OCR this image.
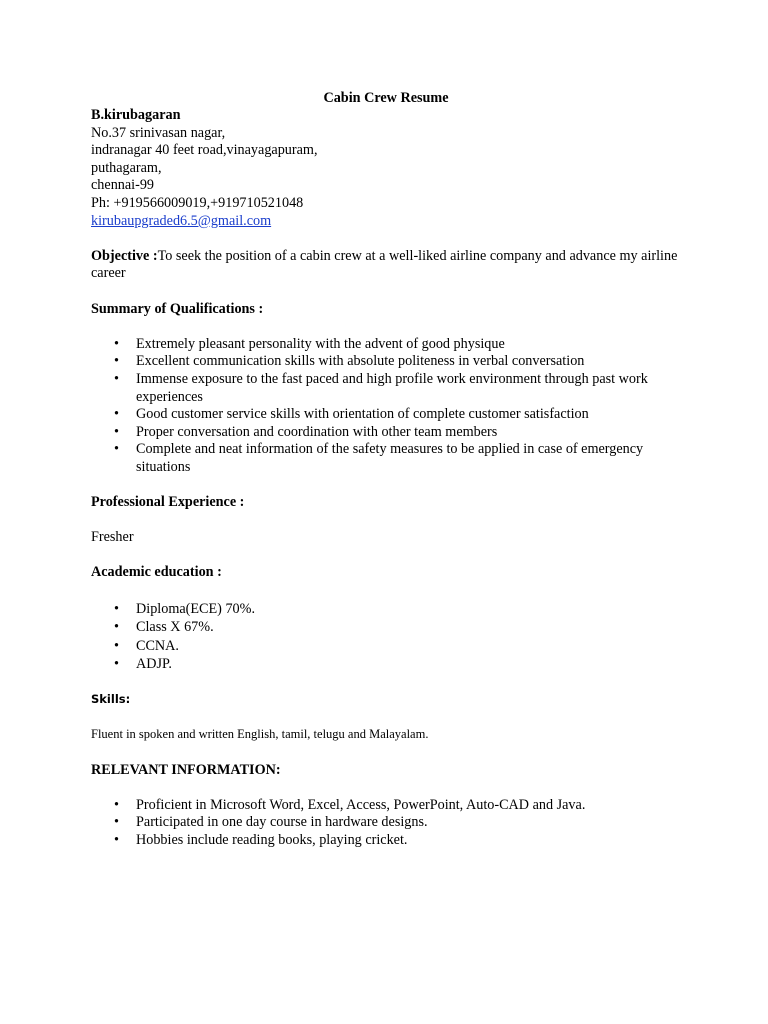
Cabin Crew Resume
B.kirubagaran
No.37 srinivasan nagar,
indranagar 40 feet road,vinayagapuram,
puthagaram,
chennai-99
Ph: +919566009019,+919710521048
kirubaupgraded6.5@gmail.com
Objective :To seek the position of a cabin crew at a well-liked airline company and advance my airline career
Summary of Qualifications :
• Extremely pleasant personality with the advent of good physique
• Excellent communication skills with absolute politeness in verbal conversation
• Immense exposure to the fast paced and high profile work environment through past work experiences
• Good customer service skills with orientation of complete customer satisfaction
• Proper conversation and coordination with other team members
• Complete and neat information of the safety measures to be applied in case of emergency situations
Professional Experience :
Fresher
Academic education :
• Diploma(ECE) 70%.
• Class X 67%.
• CCNA.
• ADJP.
Skills:
Fluent in spoken and written English, tamil, telugu and Malayalam.
RELEVANT INFORMATION:
• Proficient in Microsoft Word, Excel, Access, PowerPoint, Auto-CAD and Java.
• Participated in one day course in hardware designs.
• Hobbies include reading books, playing cricket.
